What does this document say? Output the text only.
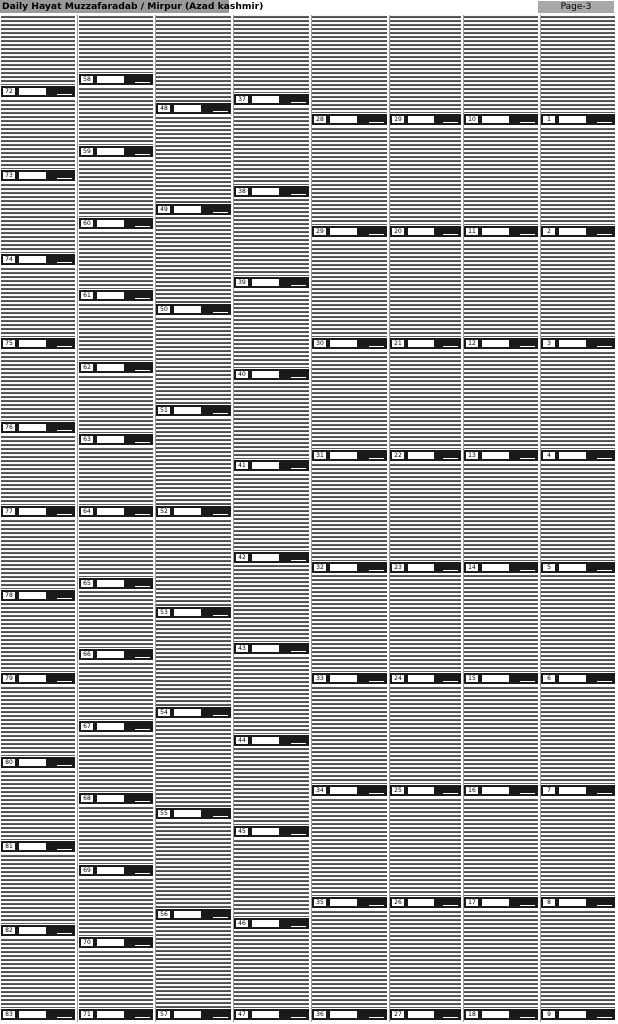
Daily Hayat Muzzafaradab / Mirpur (Azad kashmir)	Page-3
72
73
74
75
76
77
78
79
80
81
82
83
58
59
60
61
62
63
64
65
66
67
68
69
70
71
48
49
50
51
52
53
54
55
56
57
37
38
39
40
41
42
43
44
45
46
47
28
29
30
31
32
33
34
35
36
19
20
21
22
23
24
25
26
27
10
11
12
13
14
15
16
17
18
1
2
3
4
5
6
7
8
9
